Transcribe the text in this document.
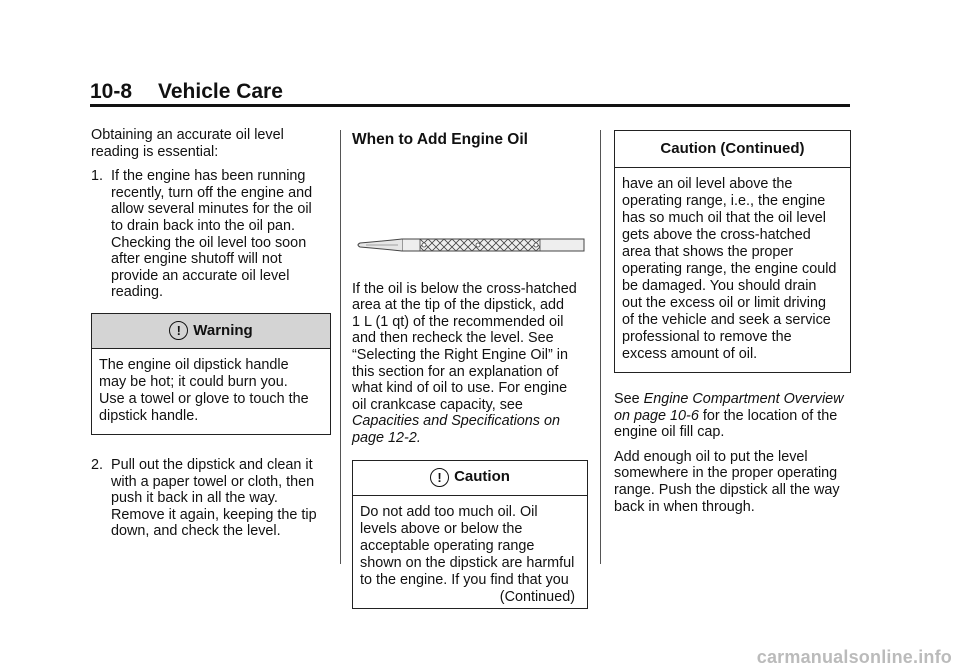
10-8 Vehicle Care

Obtaining an accurate oil level
reading is essential:

1. If the engine has been running
recently, turn off the engine and
allow several minutes for the oil
to drain back into the oil pan.
Checking the oil level too soon
after engine shutoff will not
provide an accurate oil level
reading.
! Warning
The engine oil dipstick handle
may be hot; it could burn you.
Use a towel or glove to touch the
dipstick handle.
2. Pull out the dipstick and clean it
with a paper towel or cloth, then
push it back in all the way.
Remove it again, keeping the tip
down, and check the level.
When to Add Engine Oil

If the oil is below the cross-hatched
area at the tip of the dipstick, add
1 L (1 qt) of the recommended oil
and then recheck the level. See
“Selecting the Right Engine Oil” in
this section for an explanation of
what kind of oil to use. For engine
oil crankcase capacity, see
Capacities and Specifications on
page 12-2.

! Caution
Do not add too much oil. Oil
levels above or below the
acceptable operating range
shown on the dipstick are harmful
to the engine. If you find that you
(Continued)
Caution (Continued)
have an oil level above the
operating range, i.e., the engine
has so much oil that the oil level
gets above the cross-hatched
area that shows the proper
operating range, the engine could
be damaged. You should drain
out the excess oil or limit driving
of the vehicle and seek a service
professional to remove the
excess amount of oil.

See Engine Compartment Overview
on page 10-6 for the location of the
engine oil fill cap.

Add enough oil to put the level
somewhere in the proper operating
range. Push the dipstick all the way
back in when through.

carmanualsonline.info
